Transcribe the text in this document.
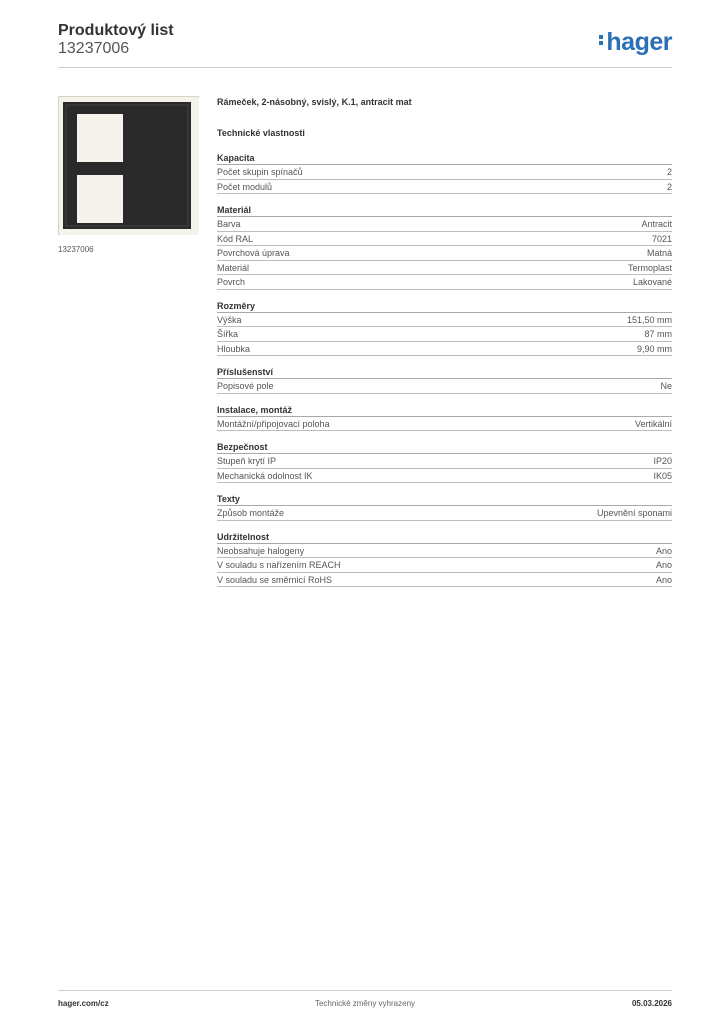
Produktový list
13237006	hager
13237006
Rámeček, 2-násobný, svislý, K.1, antracit mat
Technické vlastnosti
Kapacita
Počet skupin spínačů	2
Počet modulů	2
Materiál
Barva	Antracit
Kód RAL	7021
Povrchová úprava	Matná
Materiál	Termoplast
Povrch	Lakované
Rozměry
Výška	151,50 mm
Šířka	87 mm
Hloubka	9,90 mm
Příslušenství
Popisové pole	Ne
Instalace, montáž
Montážní/připojovací poloha	Vertikální
Bezpečnost
Stupeň krytí IP	IP20
Mechanická odolnost IK	IK05
Texty
Způsob montáže	Upevnění sponami
Udržitelnost
Neobsahuje halogeny	Ano
V souladu s nařízením REACH	Ano
V souladu se směrnicí RoHS	Ano
hager.com/cz	Technické změny vyhrazeny	05.03.2026
